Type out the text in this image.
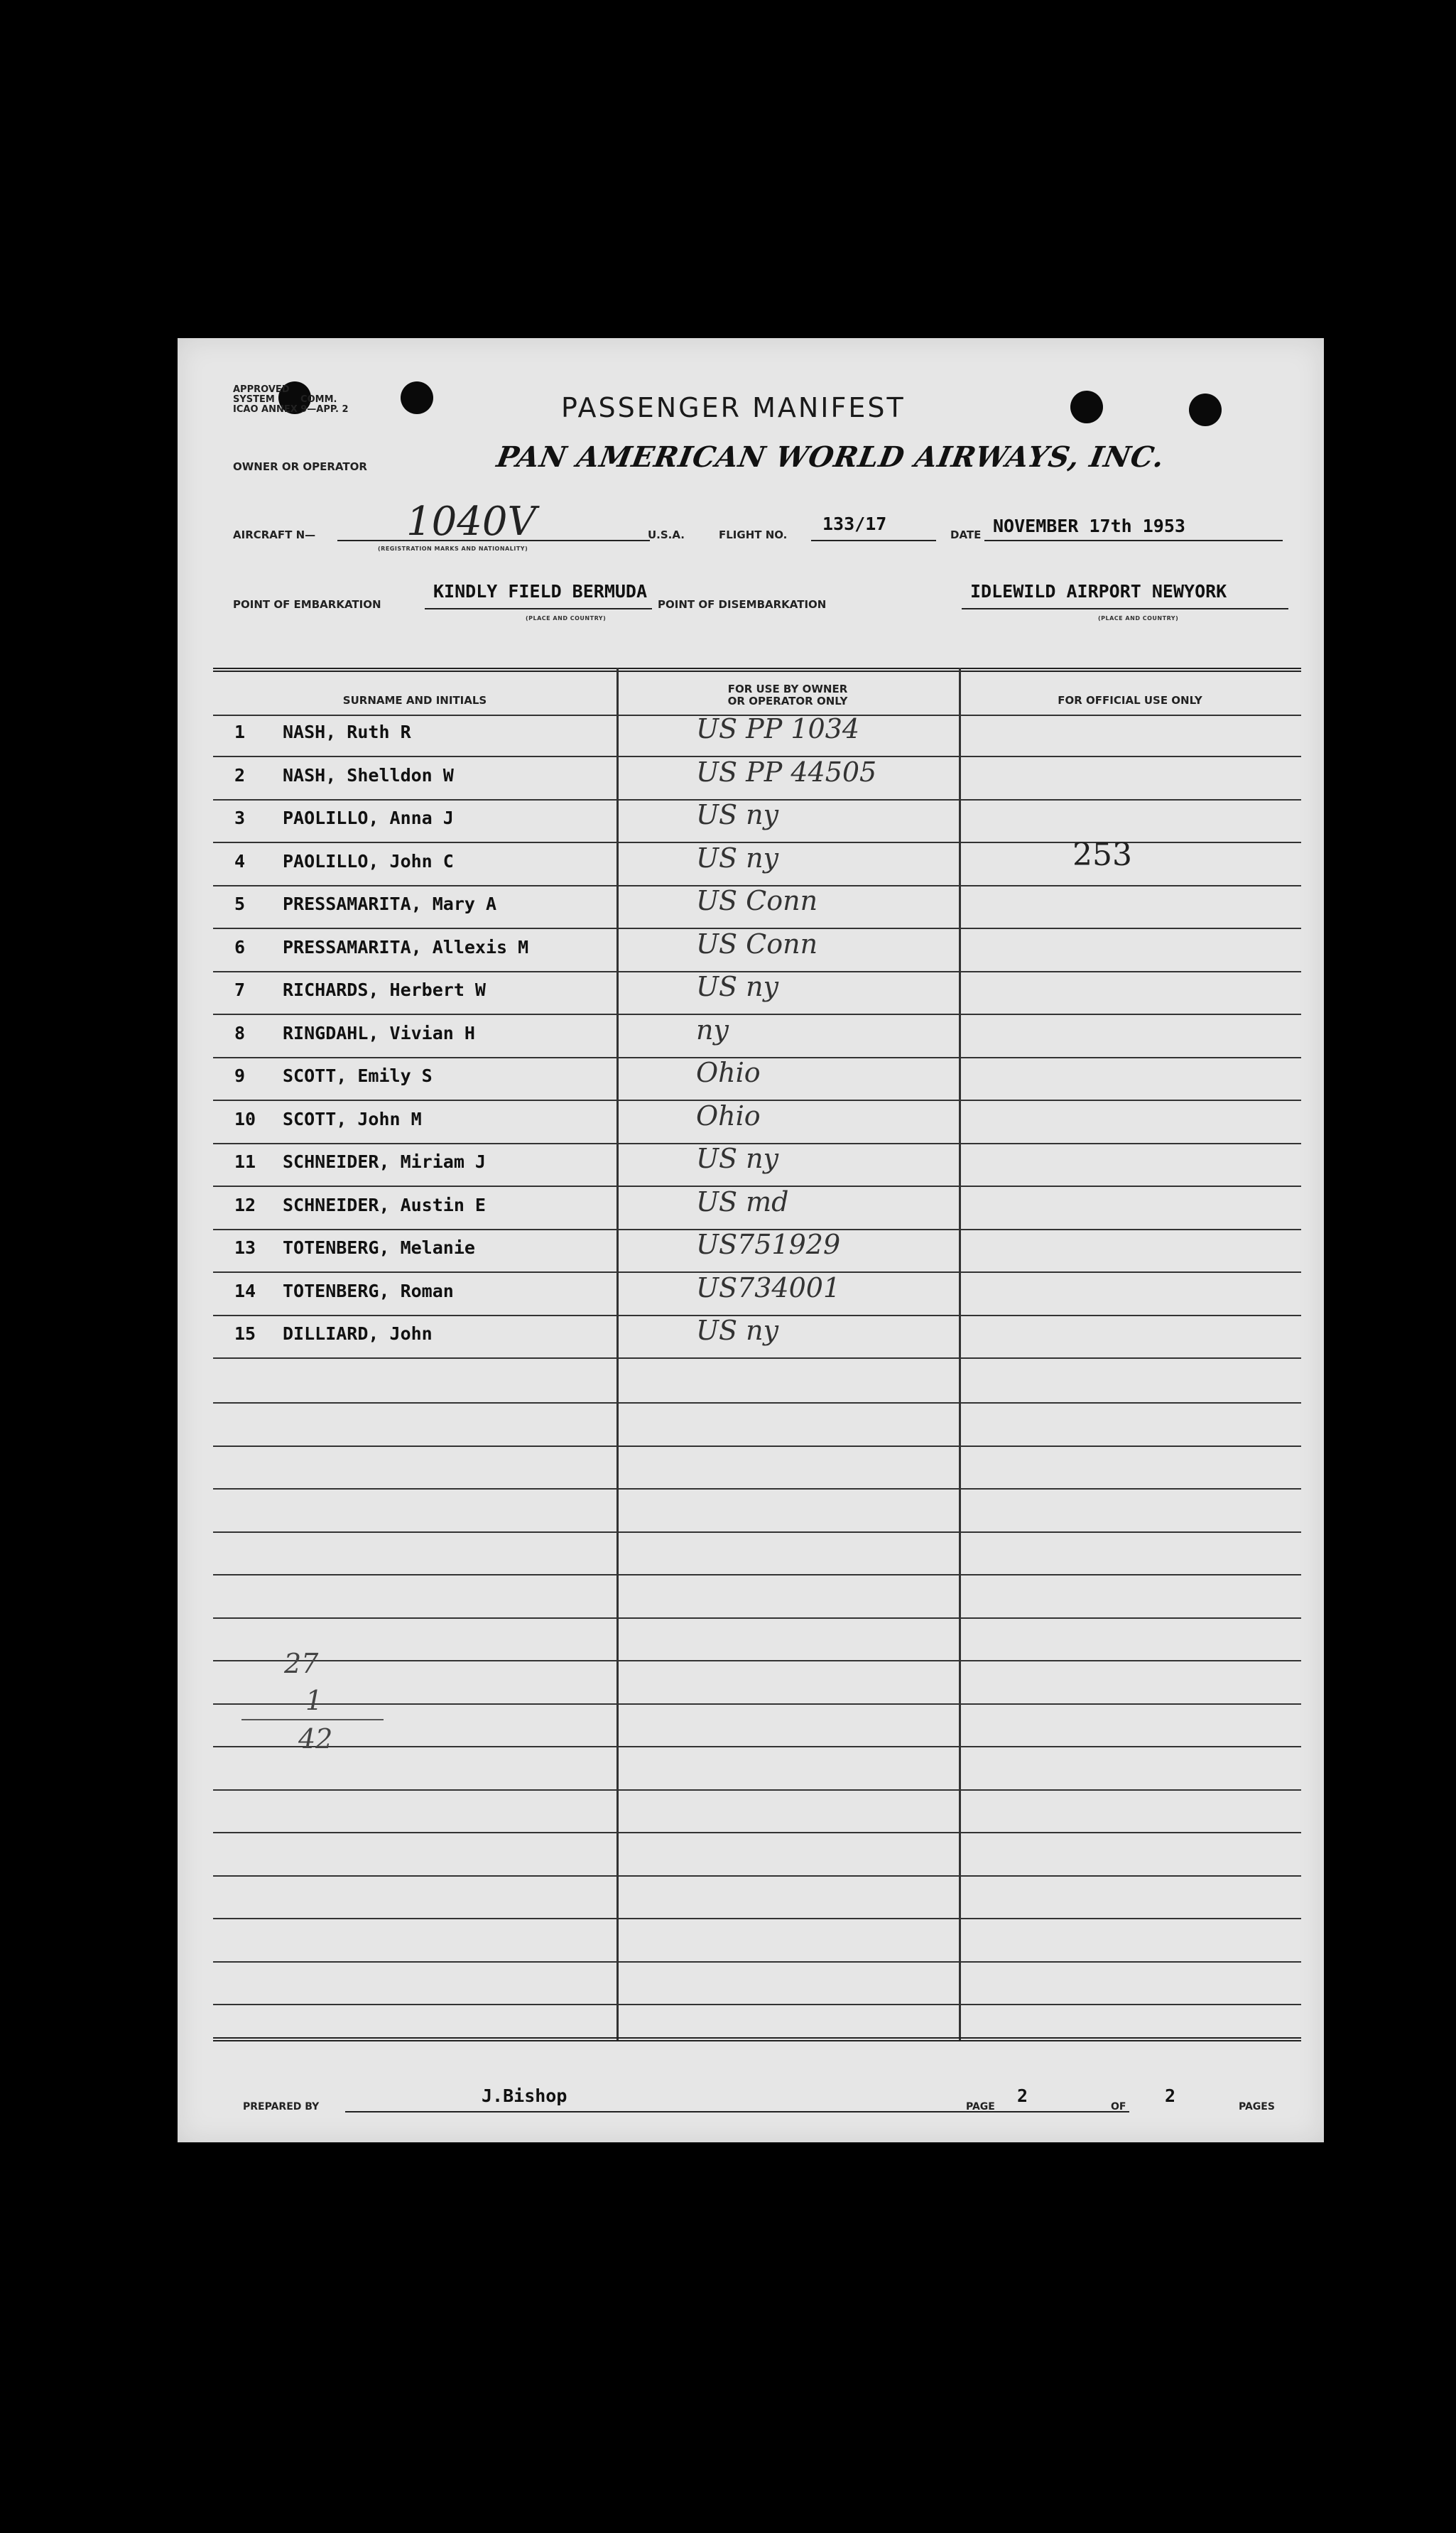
APPROVED
SYSTEM	COMM.
ICAO ANNEX 9—APP. 2	PASSENGER MANIFEST
OWNER OR OPERATOR	PAN AMERICAN WORLD AIRWAYS, INC.
AIRCRAFT N— 1040V
(REGISTRATION MARKS AND NATIONALITY)
U.S.A.	FLIGHT NO.
133/17
DATE NOVEMBER 17th 1953
POINT OF EMBARKATION
KINDLY FIELD BERMUDA
(PLACE AND COUNTRY)
POINT OF DISEMBARKATION
IDLEWILD AIRPORT NEWYORK
(PLACE AND COUNTRY)
SURNAME AND INITIALS
FOR USE BY OWNER
OR OPERATOR ONLY	FOR OFFICIAL USE ONLY
1	NASH, Ruth R	US PP 1034
2	NASH, Shelldon W	US PP 44505
3	PAOLILLO, Anna J	US ny
4	PAOLILLO, John C	US ny	253
5	PRESSAMARITA, Mary A	US Conn
6	PRESSAMARITA, Allexis M	US Conn
7	RICHARDS, Herbert W	US ny
8	RINGDAHL, Vivian H	ny
9	SCOTT, Emily S	Ohio
10	SCOTT, John M	Ohio
11	SCHNEIDER, Miriam J	US ny
12	SCHNEIDER, Austin E	US md
13	TOTENBERG, Melanie	US751929
14	TOTENBERG, Roman	US734001
15	DILLIARD, John	US ny
27
1
42
PREPARED BY
J.Bishop
PAGE
2
OF
2
PAGES
